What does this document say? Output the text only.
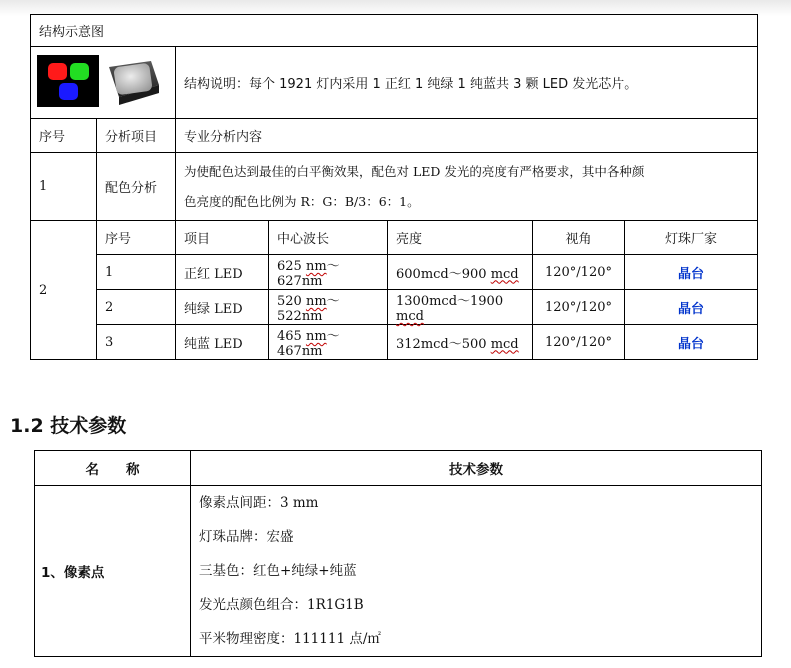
结构示意图						

	结构说明：每个 1921 灯内采用 1 正红 1 纯绿 1 纯蓝共 3 颗 LED 发光芯片。				
序号	分析项目	专业分析内容				
1	配色分析	为使配色达到最佳的白平衡效果，配色对 LED 发光的亮度有严格要求，其中各种颜
色亮度的配色比例为 R：G：B/3：6：1。				

2	序号	项目	中心波长	亮度	视角	灯珠厂家
	1	正红 LED	625 nm～627nm	600mcd～900 mcd	120°/120°	晶台
	2	纯绿 LED	520 nm～522nm	1300mcd～1900 mcd	120°/120°	晶台
	3	纯蓝 LED	465 nm～467nm	312mcd～500 mcd	120°/120°	晶台
1.2 技术参数
名　　称	技术参数
1、像素点	像素点间距：3 mm
灯珠品牌：宏盛
三基色：红色+纯绿+纯蓝
发光点颜色组合：1R1G1B
平米物理密度：111111 点/㎡
